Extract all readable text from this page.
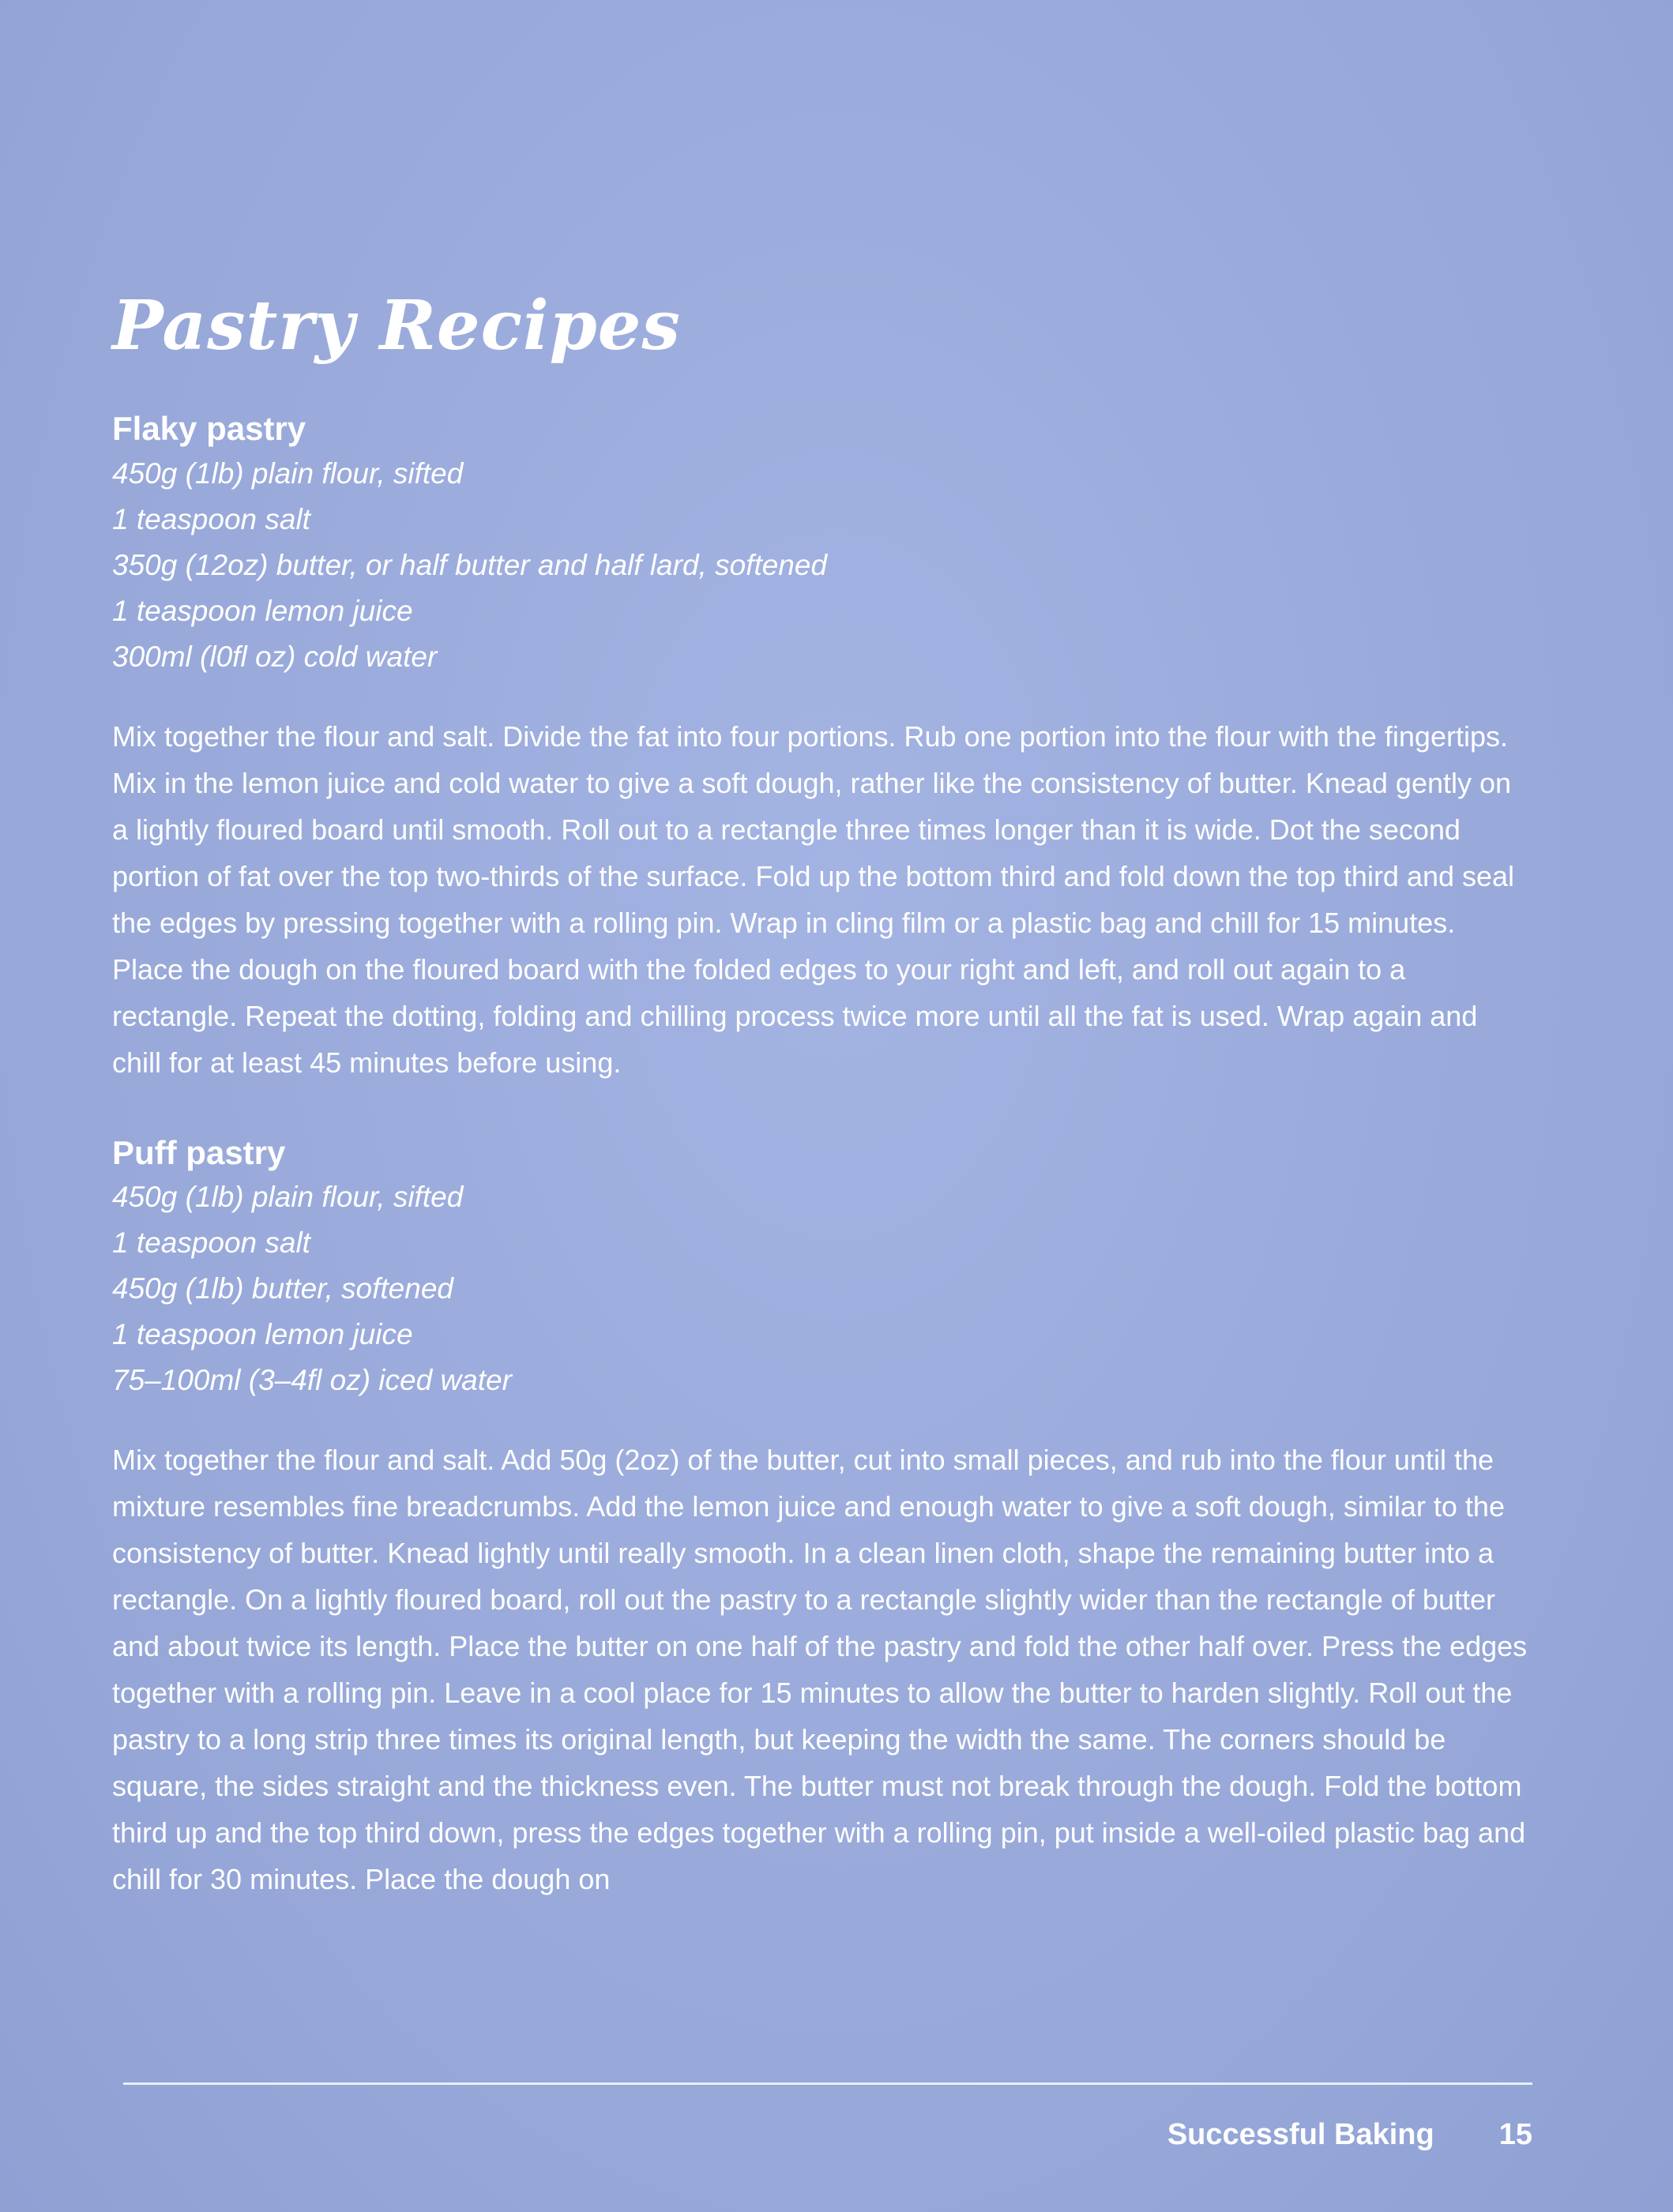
Pastry Recipes
Flaky pastry
450g (1lb) plain flour, sifted
1 teaspoon salt
350g (12oz) butter, or half butter and half lard, softened
1 teaspoon lemon juice
300ml (l0fl oz) cold water

Mix together the flour and salt. Divide the fat into four portions. Rub one portion into the flour with the fingertips. Mix in the lemon juice and cold water to give a soft dough, rather like the consistency of butter. Knead gently on a lightly floured board until smooth. Roll out to a rectangle three times longer than it is wide. Dot the second portion of fat over the top two-thirds of the surface. Fold up the bottom third and fold down the top third and seal the edges by pressing together with a rolling pin. Wrap in cling film or a plastic bag and chill for 15 minutes. Place the dough on the floured board with the folded edges to your right and left, and roll out again to a rectangle. Repeat the dotting, folding and chilling process twice more until all the fat is used. Wrap again and chill for at least 45 minutes before using.

Puff pastry
450g (1lb) plain flour, sifted
1 teaspoon salt
450g (1lb) butter, softened
1 teaspoon lemon juice
75–100ml (3–4fl oz) iced water

Mix together the flour and salt. Add 50g (2oz) of the butter, cut into small pieces, and rub into the flour until the mixture resembles fine breadcrumbs. Add the lemon juice and enough water to give a soft dough, similar to the consistency of butter. Knead lightly until really smooth. In a clean linen cloth, shape the remaining butter into a rectangle. On a lightly floured board, roll out the pastry to a rectangle slightly wider than the rectangle of butter and about twice its length. Place the butter on one half of the pastry and fold the other half over. Press the edges together with a rolling pin. Leave in a cool place for 15 minutes to allow the butter to harden slightly. Roll out the pastry to a long strip three times its original length, but keeping the width the same. The corners should be square, the sides straight and the thickness even. The butter must not break through the dough. Fold the bottom third up and the top third down, press the edges together with a rolling pin, put inside a well-oiled plastic bag and chill for 30 minutes. Place the dough on

Successful Baking 15
